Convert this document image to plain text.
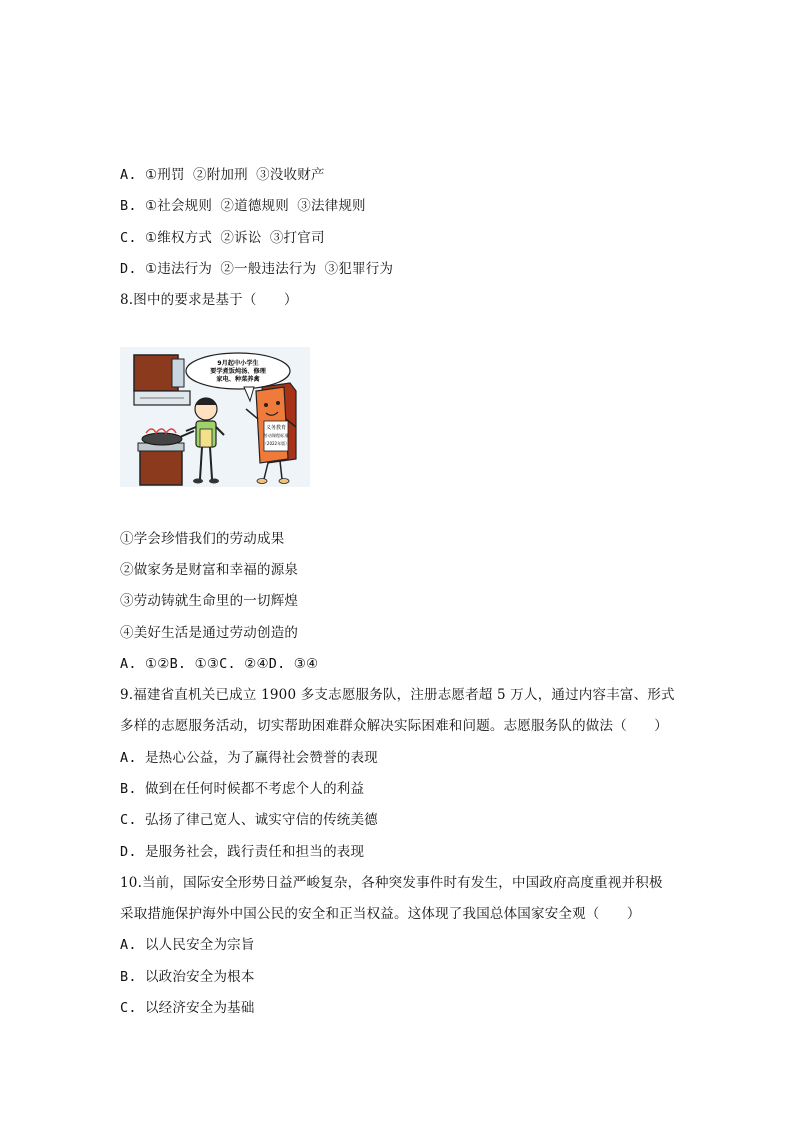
A. ①刑罚 ②附加刑 ③没收财产
B. ①社会规则 ②道德规则 ③法律规则
C. ①维权方式 ②诉讼 ③打官司
D. ①违法行为 ②一般违法行为 ③犯罪行为
8.图中的要求是基于（　　）
9月起中小学生
要学煮饭炖汤、修理
家电、种菜养禽
义务教育
劳动课程标准
（2022年版）
①学会珍惜我们的劳动成果
②做家务是财富和幸福的源泉
③劳动铸就生命里的一切辉煌
④美好生活是通过劳动创造的
A. ①②B. ①③C. ②④D. ③④
9.福建省直机关已成立 1900 多支志愿服务队，注册志愿者超 5 万人，通过内容丰富、形式
多样的志愿服务活动，切实帮助困难群众解决实际困难和问题。志愿服务队的做法（　　）
A. 是热心公益，为了赢得社会赞誉的表现
B. 做到在任何时候都不考虑个人的利益
C. 弘扬了律己宽人、诚实守信的传统美德
D. 是服务社会，践行责任和担当的表现
10.当前，国际安全形势日益严峻复杂，各种突发事件时有发生，中国政府高度重视并积极
采取措施保护海外中国公民的安全和正当权益。这体现了我国总体国家安全观（　　）
A. 以人民安全为宗旨
B. 以政治安全为根本
C. 以经济安全为基础
